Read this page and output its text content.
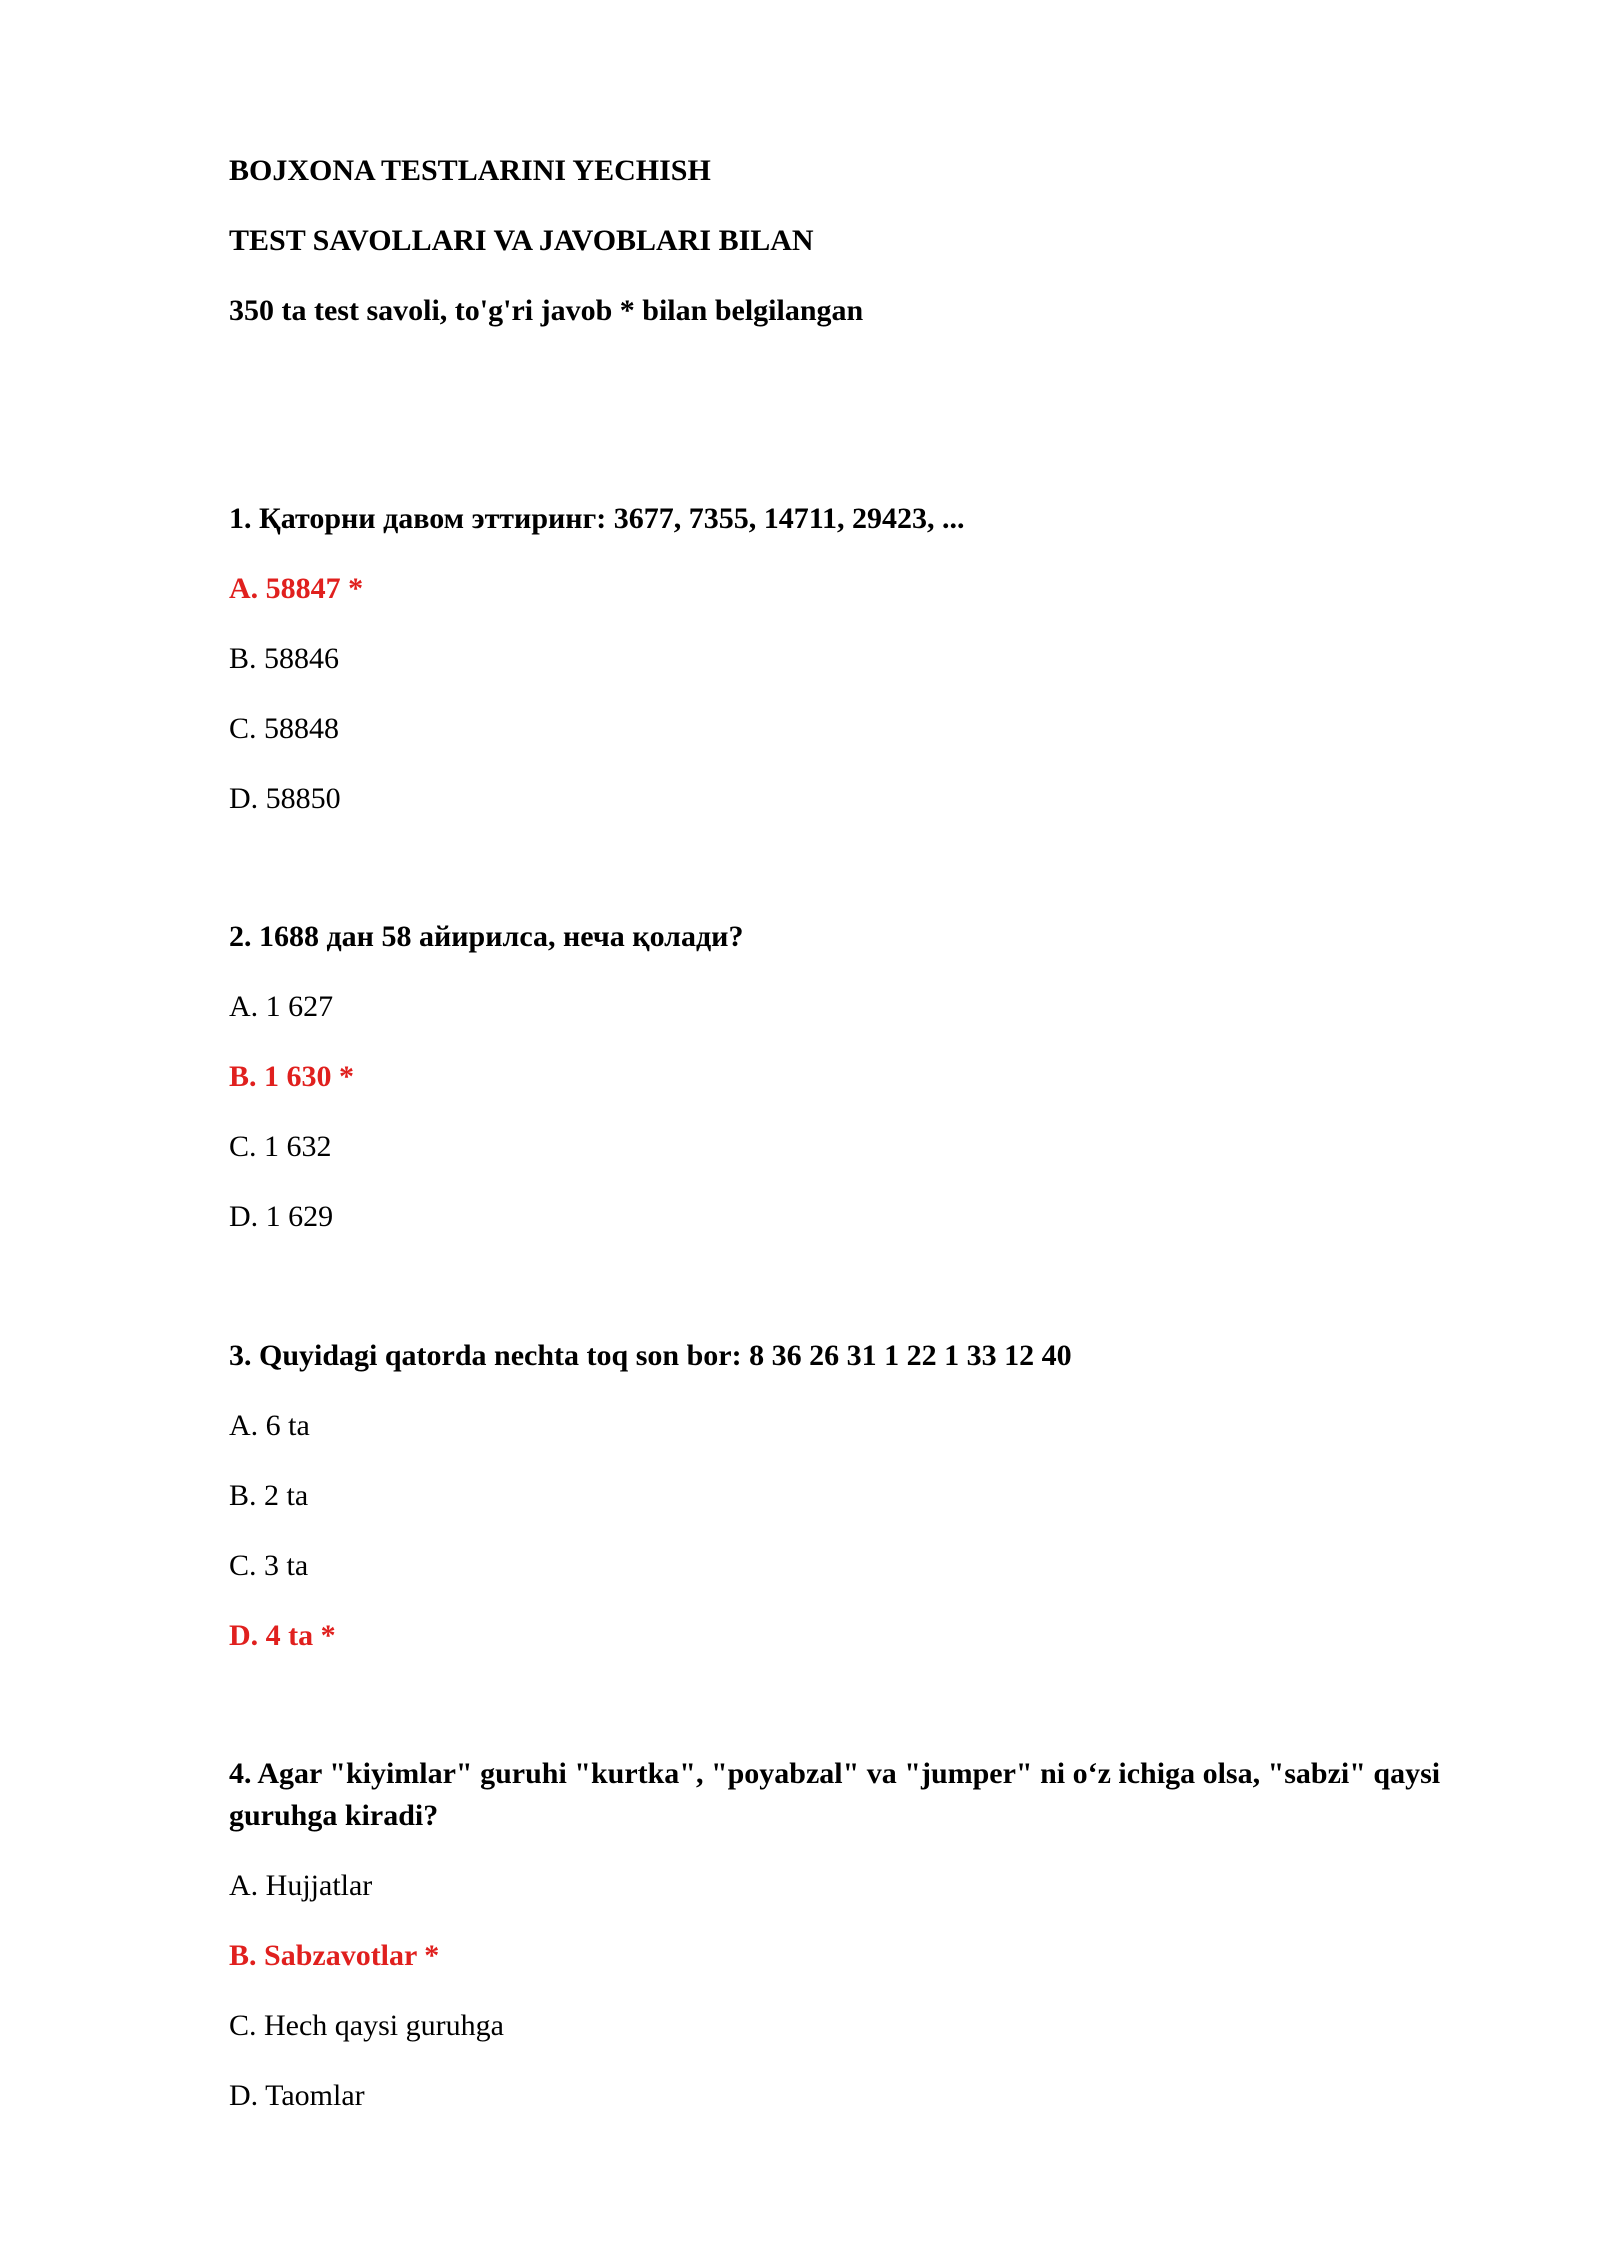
BOJXONA TESTLARINI YECHISH
TEST SAVOLLARI VA JAVOBLARI BILAN
350 ta test savoli, to'g'ri javob * bilan belgilangan
1. Қаторни давом эттиринг: 3677, 7355, 14711, 29423, ...
A. 58847 *
B. 58846
C. 58848
D. 58850
2. 1688 дан 58 айирилса, неча қолади?
A. 1 627
B. 1 630 *
C. 1 632
D. 1 629
3. Quyidagi qatorda nechta toq son bor: 8 36 26 31 1 22 1 33 12 40
A. 6 ta
B. 2 ta
C. 3 ta
D. 4 ta *
4. Agar "kiyimlar" guruhi "kurtka", "poyabzal" va "jumper" ni o‘z ichiga olsa, "sabzi" qaysi guruhga kiradi?
A. Hujjatlar
B. Sabzavotlar *
C. Hech qaysi guruhga
D. Taomlar
